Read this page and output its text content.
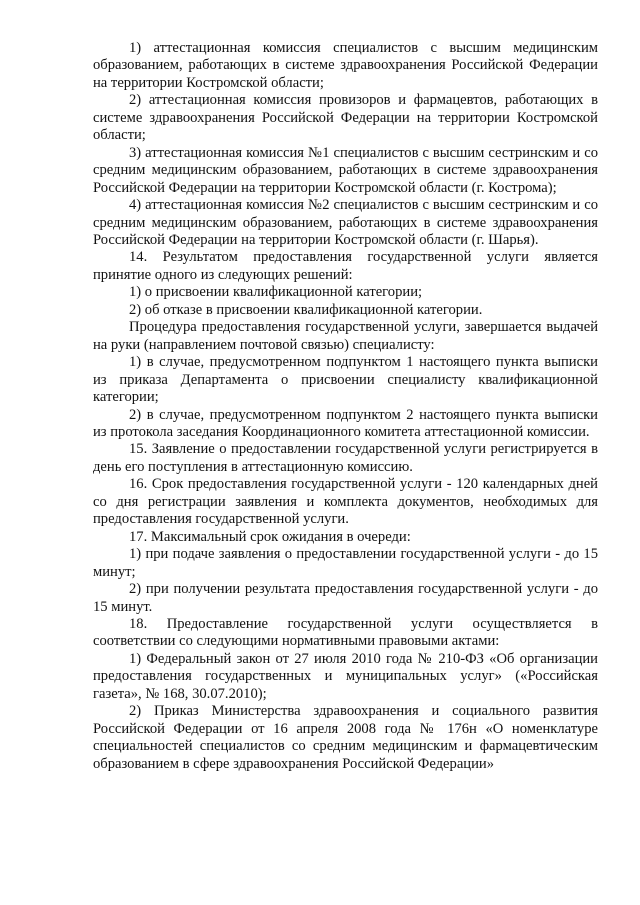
1) аттестационная комиссия специалистов с высшим медицинским образованием, работающих в системе здравоохранения Российской Федерации на территории Костромской области;

2) аттестационная комиссия провизоров и фармацевтов, работающих в системе здравоохранения Российской Федерации на территории Костромской области;

3) аттестационная комиссия №1 специалистов с высшим сестринским и со средним медицинским образованием, работающих в системе здравоохранения Российской Федерации на территории Костромской области (г. Кострома);

4) аттестационная комиссия №2 специалистов с высшим сестринским и со средним медицинским образованием, работающих в системе здравоохранения Российской Федерации на территории Костромской области (г. Шарья).

14. Результатом предоставления государственной услуги является принятие одного из следующих решений:

1) о присвоении квалификационной категории;

2) об отказе в присвоении квалификационной категории.

Процедура предоставления государственной услуги, завершается выдачей на руки (направлением почтовой связью) специалисту:

1) в случае, предусмотренном подпунктом 1 настоящего пункта выписки из приказа Департамента о присвоении специалисту квалификационной категории;

2) в случае, предусмотренном подпунктом 2 настоящего пункта выписки из протокола заседания Координационного комитета аттестационной комиссии.

15. Заявление о предоставлении государственной услуги регистрируется в день его поступления в аттестационную комиссию.

16. Срок предоставления государственной услуги - 120 календарных дней со дня регистрации заявления и комплекта документов, необходимых для предоставления государственной услуги.

17. Максимальный срок ожидания в очереди:

1) при подаче заявления о предоставлении государственной услуги - до 15 минут;

2) при получении результата предоставления государственной услуги - до 15 минут.

18. Предоставление государственной услуги осуществляется в соответствии со следующими нормативными правовыми актами:

1) Федеральный закон от 27 июля 2010 года № 210-ФЗ «Об организации предоставления государственных и муниципальных услуг» («Российская газета», № 168, 30.07.2010);

2) Приказ Министерства здравоохранения и социального развития Российской Федерации от 16 апреля 2008 года № 176н «О номенклатуре специальностей специалистов со средним медицинским и фармацевтическим образованием в сфере здравоохранения Российской Федерации»
